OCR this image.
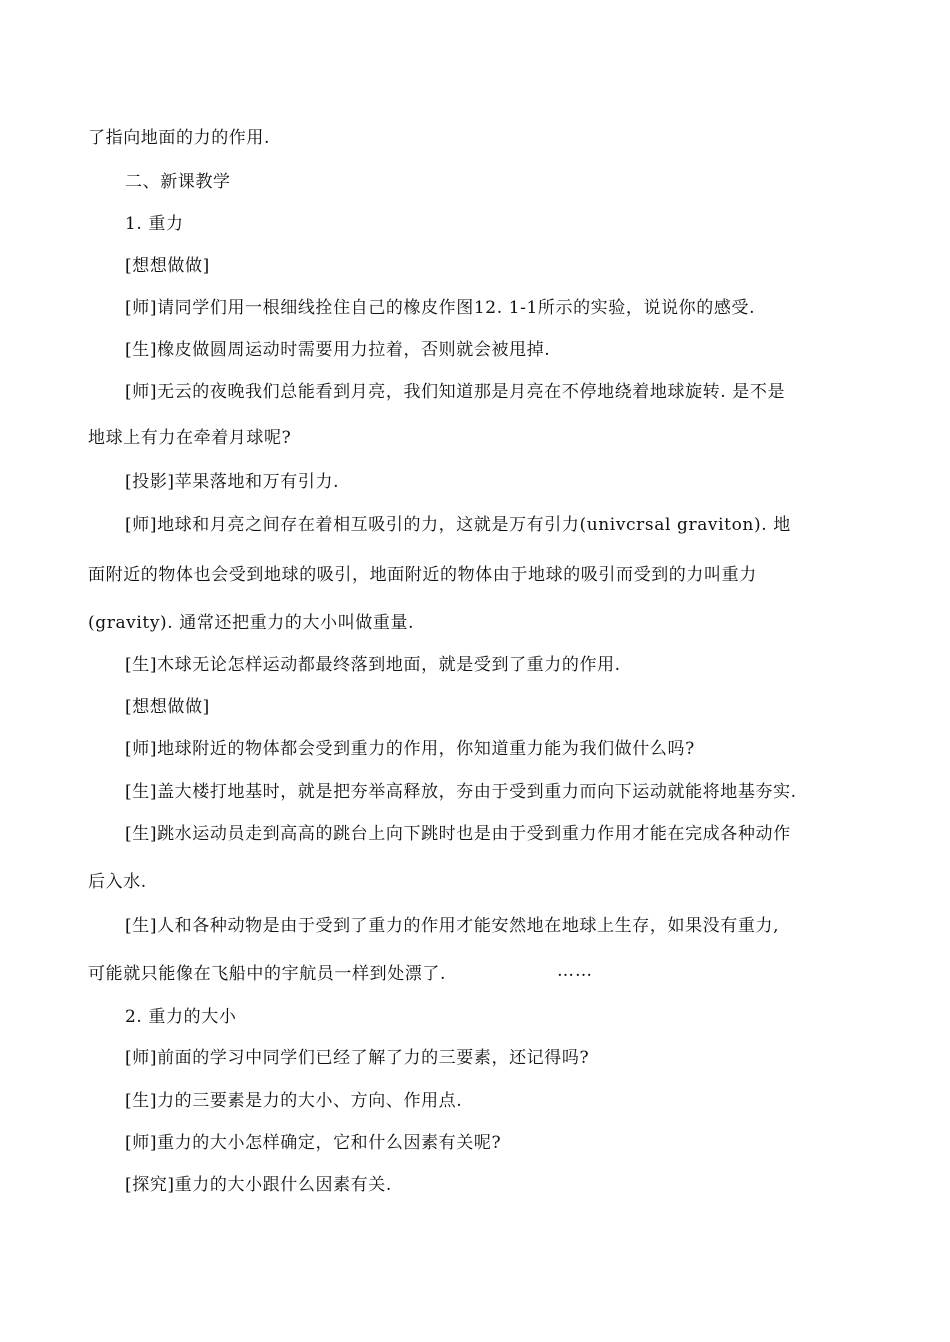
了指向地面的力的作用.
二、新课教学
1. 重力
[想想做做]
[师]请同学们用一根细线拴住自己的橡皮作图12. 1-1所示的实验，说说你的感受.
[生]橡皮做圆周运动时需要用力拉着，否则就会被甩掉.
[师]无云的夜晚我们总能看到月亮，我们知道那是月亮在不停地绕着地球旋转. 是不是
地球上有力在牵着月球呢?
[投影]苹果落地和万有引力.
[师]地球和月亮之间存在着相互吸引的力，这就是万有引力(univcrsal graviton). 地
面附近的物体也会受到地球的吸引，地面附近的物体由于地球的吸引而受到的力叫重力
(gravity). 通常还把重力的大小叫做重量.
[生]木球无论怎样运动都最终落到地面，就是受到了重力的作用.
[想想做做]
[师]地球附近的物体都会受到重力的作用，你知道重力能为我们做什么吗?
[生]盖大楼打地基时，就是把夯举高释放，夯由于受到重力而向下运动就能将地基夯实.
[生]跳水运动员走到高高的跳台上向下跳时也是由于受到重力作用才能在完成各种动作
后入水.
[生]人和各种动物是由于受到了重力的作用才能安然地在地球上生存，如果没有重力,
可能就只能像在飞船中的宇航员一样到处漂了.	……
2. 重力的大小
[师]前面的学习中同学们已经了解了力的三要素，还记得吗?
[生]力的三要素是力的大小、方向、作用点.
[师]重力的大小怎样确定，它和什么因素有关呢?
[探究]重力的大小跟什么因素有关.
